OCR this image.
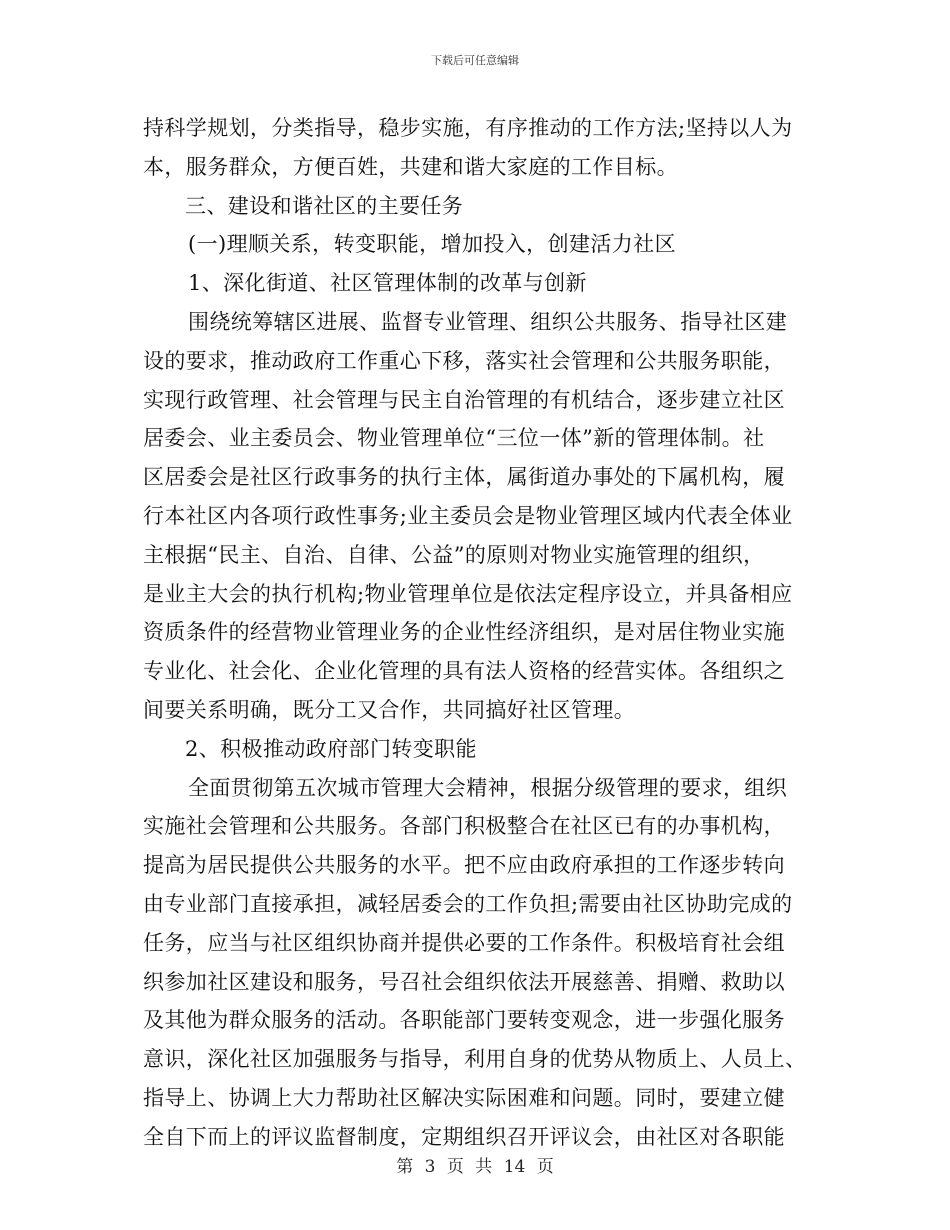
下载后可任意编辑
持科学规划，分类指导，稳步实施，有序推动的工作方法;坚持以人为
本，服务群众，方便百姓，共建和谐大家庭的工作目标。
三、建设和谐社区的主要任务
(一)理顺关系，转变职能，增加投入，创建活力社区
1、深化街道、社区管理体制的改革与创新
围绕统筹辖区进展、监督专业管理、组织公共服务、指导社区建
设的要求，推动政府工作重心下移，落实社会管理和公共服务职能，
实现行政管理、社会管理与民主自治管理的有机结合，逐步建立社区
居委会、业主委员会、物业管理单位“三位一体”新的管理体制。社
区居委会是社区行政事务的执行主体，属街道办事处的下属机构，履
行本社区内各项行政性事务;业主委员会是物业管理区域内代表全体业
主根据“民主、自治、自律、公益”的原则对物业实施管理的组织，
是业主大会的执行机构;物业管理单位是依法定程序设立，并具备相应
资质条件的经营物业管理业务的企业性经济组织，是对居住物业实施
专业化、社会化、企业化管理的具有法人资格的经营实体。各组织之
间要关系明确，既分工又合作，共同搞好社区管理。
2、积极推动政府部门转变职能
全面贯彻第五次城市管理大会精神，根据分级管理的要求，组织
实施社会管理和公共服务。各部门积极整合在社区已有的办事机构，
提高为居民提供公共服务的水平。把不应由政府承担的工作逐步转向
由专业部门直接承担，减轻居委会的工作负担;需要由社区协助完成的
任务，应当与社区组织协商并提供必要的工作条件。积极培育社会组
织参加社区建设和服务，号召社会组织依法开展慈善、捐赠、救助以
及其他为群众服务的活动。各职能部门要转变观念，进一步强化服务
意识，深化社区加强服务与指导，利用自身的优势从物质上、人员上、
指导上、协调上大力帮助社区解决实际困难和问题。同时，要建立健
全自下而上的评议监督制度，定期组织召开评议会，由社区对各职能
第 3 页 共 14 页
